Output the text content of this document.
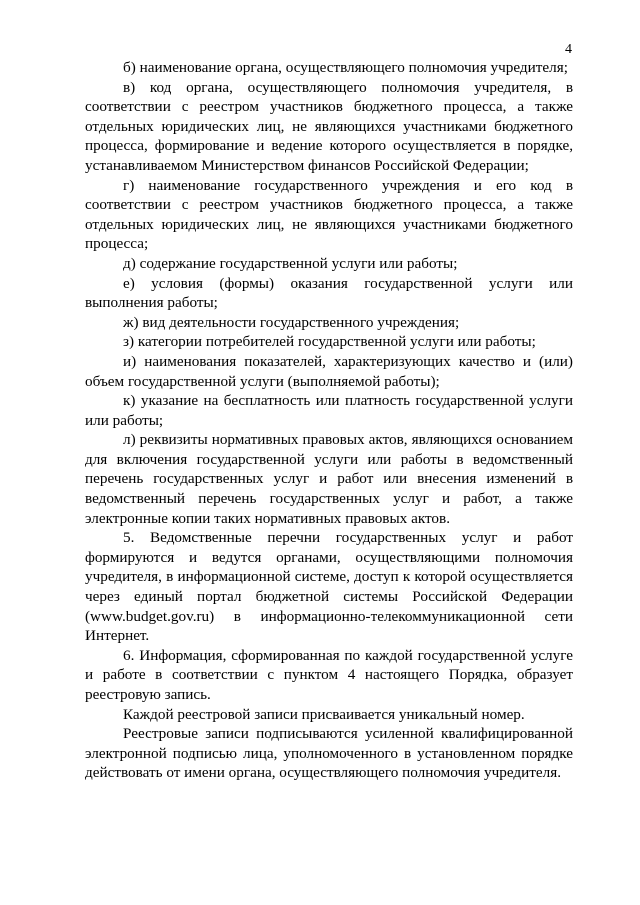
4

б) наименование органа, осуществляющего полномочия учредителя;

в) код органа, осуществляющего полномочия учредителя, в соответствии с реестром участников бюджетного процесса, а также отдельных юридических лиц, не являющихся участниками бюджетного процесса, формирование и ведение которого осуществляется в порядке, устанавливаемом Министерством финансов Российской Федерации;

г) наименование государственного учреждения и его код в соответствии с реестром участников бюджетного процесса, а также отдельных юридических лиц, не являющихся участниками бюджетного процесса;

д) содержание государственной услуги или работы;

е) условия (формы) оказания государственной услуги или выполнения работы;

ж) вид деятельности государственного учреждения;

з) категории потребителей государственной услуги или работы;

и) наименования показателей, характеризующих качество и (или) объем государственной услуги (выполняемой работы);

к) указание на бесплатность или платность государственной услуги или работы;

л) реквизиты нормативных правовых актов, являющихся основанием для включения государственной услуги или работы в ведомственный перечень государственных услуг и работ или внесения изменений в ведомственный перечень государственных услуг и работ, а также электронные копии таких нормативных правовых актов.

5. Ведомственные перечни государственных услуг и работ формируются и ведутся органами, осуществляющими полномочия учредителя, в информационной системе, доступ к которой осуществляется через единый портал бюджетной системы Российской Федерации (www.budget.gov.ru) в информационно-телекоммуникационной сети Интернет.

6. Информация, сформированная по каждой государственной услуге и работе в соответствии с пунктом 4 настоящего Порядка, образует реестровую запись.

Каждой реестровой записи присваивается уникальный номер.

Реестровые записи подписываются усиленной квалифицированной электронной подписью лица, уполномоченного в установленном порядке действовать от имени органа, осуществляющего полномочия учредителя.
